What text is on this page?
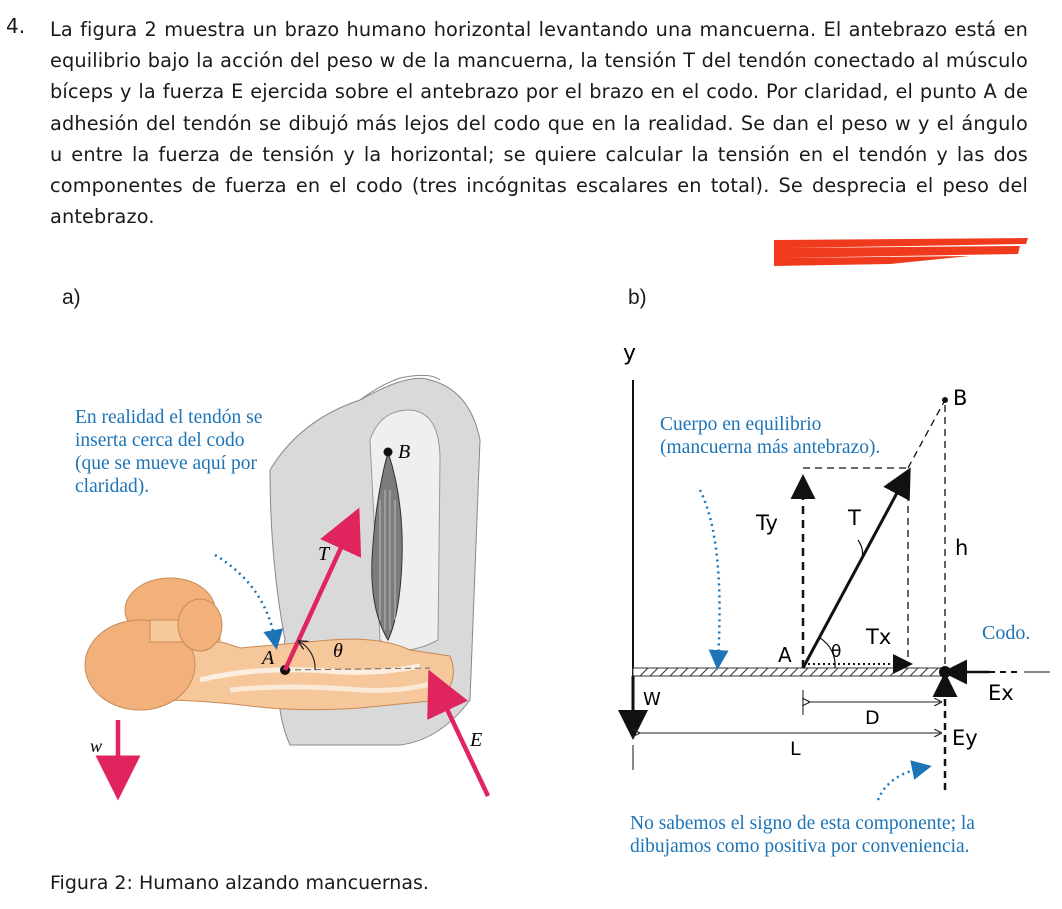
4. La figura 2 muestra un brazo humano horizontal levantando una mancuerna. El antebrazo está en equilibrio bajo la acción del peso w de la mancuerna, la tensión T del tendón conectado al músculo bíceps y la fuerza E ejercida sobre el antebrazo por el brazo en el codo. Por claridad, el punto A de adhesión del tendón se dibujó más lejos del codo que en la realidad. Se dan el peso w y el ángulo u entre la fuerza de tensión y la horizontal; se quiere calcular la tensión en el tendón y las dos componentes de fuerza en el codo (tres incógnitas escalares en total). Se desprecia el peso del antebrazo.
a)	b)
B
T
θ
A
w	E
y
B
Ty	T
h
A θ
Tx	Codo.
W
D
Ex
Ey
L
En realidad el tendón se inserta cerca del codo (que se mueve aquí por claridad).
Cuerpo en equilibrio (mancuerna más antebrazo).
No sabemos el signo de esta componente; la dibujamos como positiva por conveniencia.
Figura 2: Humano alzando mancuernas.
